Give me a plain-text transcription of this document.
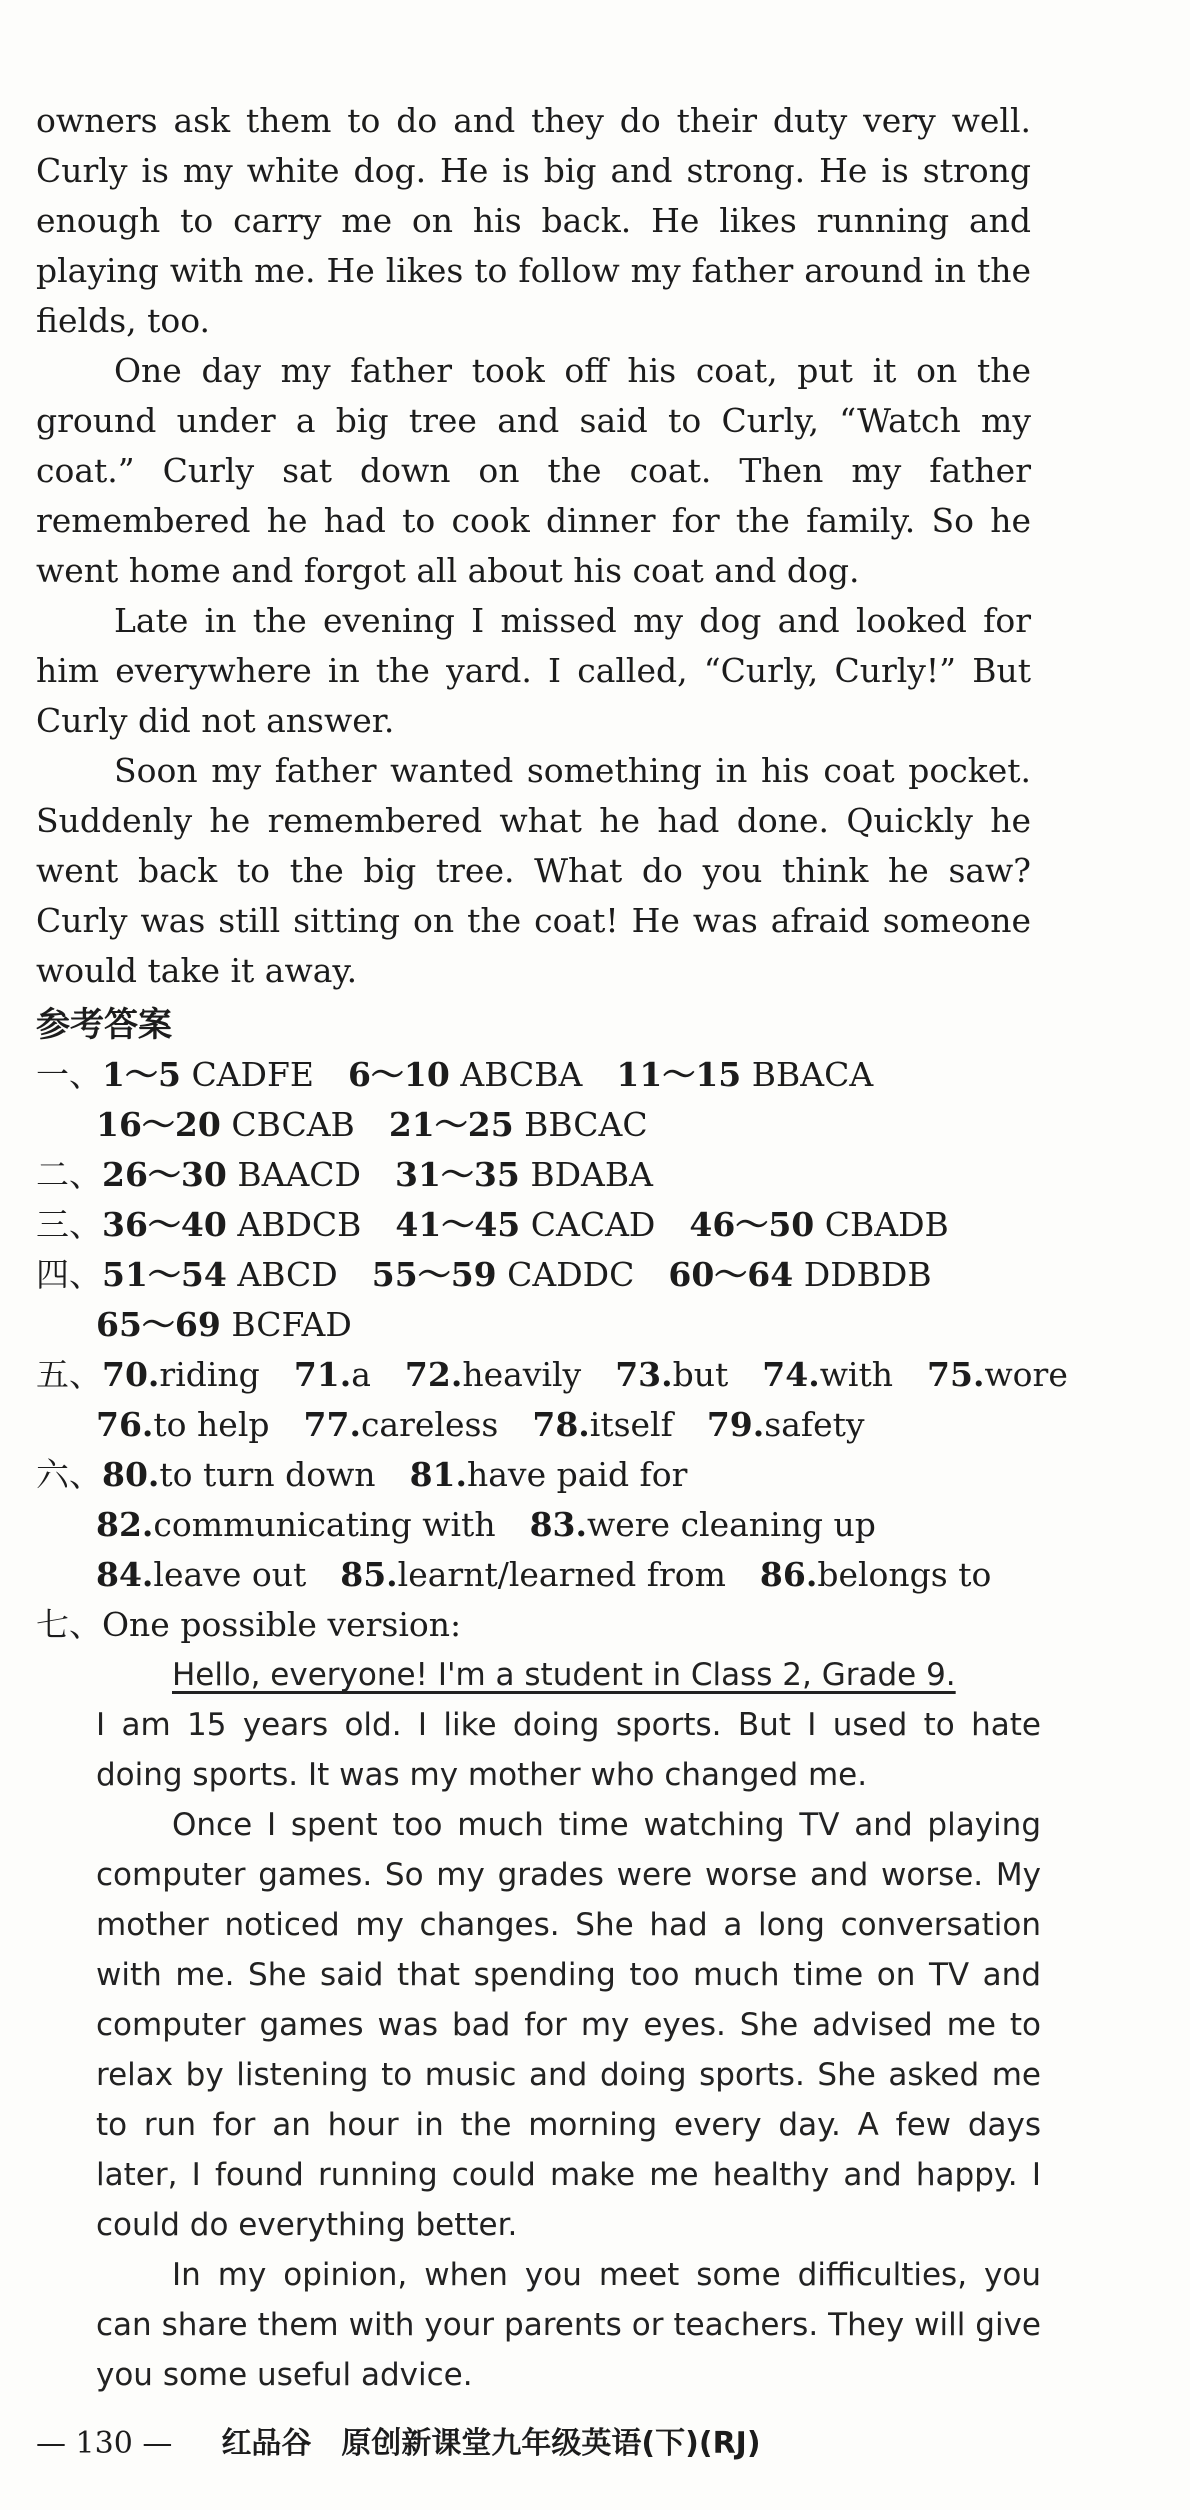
owners ask them to do and they do their duty very well. Curly is my white dog. He is big and strong. He is strong enough to carry me on his back. He likes running and playing with me. He likes to follow my father around in the fields, too.

One day my father took off his coat, put it on the ground under a big tree and said to Curly, “Watch my coat.” Curly sat down on the coat. Then my father remembered he had to cook dinner for the family. So he went home and forgot all about his coat and dog.

Late in the evening I missed my dog and looked for him everywhere in the yard. I called, “Curly, Curly!” But Curly did not answer.

Soon my father wanted something in his coat pocket. Suddenly he remembered what he had done. Quickly he went back to the big tree. What do you think he saw? Curly was still sitting on the coat! He was afraid someone would take it away.

参考答案
一、1～5 CADFE 6～10 ABCBA 11～15 BBACA
16～20 CBCAB 21～25 BBCAC
二、26～30 BAACD 31～35 BDABA
三、36～40 ABDCB 41～45 CACAD 46～50 CBADB
四、51～54 ABCD 55～59 CADDC 60～64 DDBDB
65～69 BCFAD
五、70.riding 71.a 72.heavily 73.but 74.with 75.wore
76.to help 77.careless 78.itself 79.safety
六、80.to turn down 81.have paid for
82.communicating with 83.were cleaning up
84.leave out 85.learnt/learned from 86.belongs to
七、One possible version:
Hello, everyone! I'm a student in Class 2, Grade 9.

I am 15 years old. I like doing sports. But I used to hate doing sports. It was my mother who changed me.

Once I spent too much time watching TV and playing computer games. So my grades were worse and worse. My mother noticed my changes. She had a long conversation with me. She said that spending too much time on TV and computer games was bad for my eyes. She advised me to relax by listening to music and doing sports. She asked me to run for an hour in the morning every day. A few days later, I found running could make me healthy and happy. I could do everything better.

In my opinion, when you meet some difficulties, you can share them with your parents or teachers. They will give you some useful advice.

— 130 — 红品谷　原创新课堂九年级英语(下)(RJ)
